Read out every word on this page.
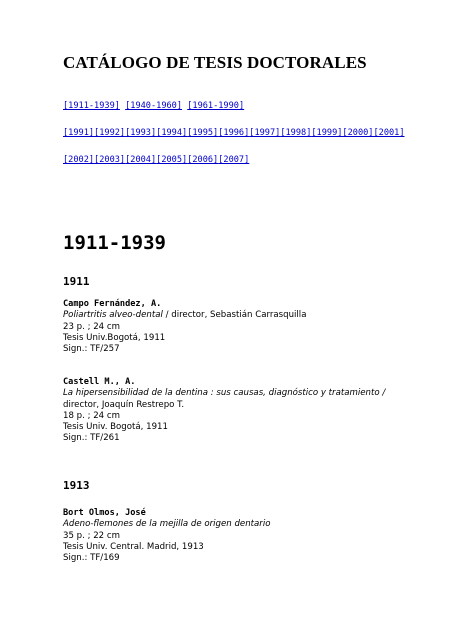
CATÁLOGO DE TESIS DOCTORALES
[1911-1939] [1940-1960] [1961-1990]
[1991][1992][1993][1994][1995][1996][1997][1998][1999][2000][2001]
[2002][2003][2004][2005][2006][2007]
1911-1939
1911
Campo Fernández, A.
Poliartritis alveo-dental / director, Sebastián Carrasquilla
23 p. ; 24 cm
Tesis Univ.Bogotá, 1911
Sign.: TF/257
Castell M., A.
La hipersensibilidad de la dentina : sus causas, diagnóstico y tratamiento /
director, Joaquín Restrepo T.
18 p. ; 24 cm
Tesis Univ. Bogotá, 1911
Sign.: TF/261
1913
Bort Olmos, José
Adeno-flemones de la mejilla de origen dentario
35 p. ; 22 cm
Tesis Univ. Central. Madrid, 1913
Sign.: TF/169
